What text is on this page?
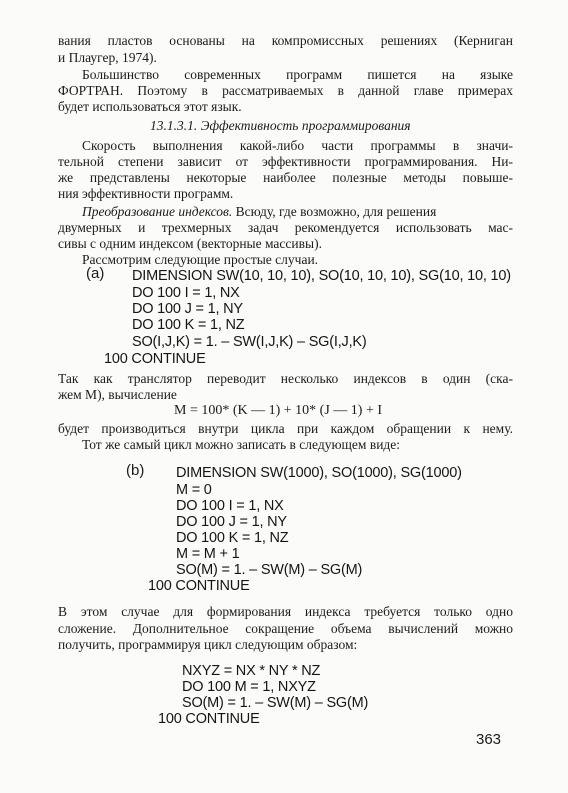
вания пластов основаны на компромиссных решениях (Керниган
и Плаугер, 1974).
Большинство современных программ пишется на языке
ФОРТРАН. Поэтому в рассматриваемых в данной главе примерах
будет использоваться этот язык.
13.1.3.1. Эффективность программирования
Скорость выполнения какой-либо части программы в значи-
тельной степени зависит от эффективности программирования. Ни-
же представлены некоторые наиболее полезные методы повыше-
ния эффективности программ.
Преобразование индексов. Всюду, где возможно, для решения
двумерных и трехмерных задач рекомендуется использовать мас-
сивы с одним индексом (векторные массивы).
Рассмотрим следующие простые случаи.
(a) DIMENSION SW(10, 10, 10), SO(10, 10, 10), SG(10, 10, 10)
DO 100 I = 1, NX
DO 100 J = 1, NY
DO 100 K = 1, NZ
SO(I,J,K) = 1. – SW(I,J,K) – SG(I,J,K)
100 CONTINUE
Так как транслятор переводит несколько индексов в один (ска-
жем M), вычисление
M = 100* (K — 1) + 10* (J — 1) + I
будет производиться внутри цикла при каждом обращении к нему.
Тот же самый цикл можно записать в следующем виде:
(b) DIMENSION SW(1000), SO(1000), SG(1000)
M = 0
DO 100 I = 1, NX
DO 100 J = 1, NY
DO 100 K = 1, NZ
M = M + 1
SO(M) = 1. – SW(M) – SG(M)
100 CONTINUE
В этом случае для формирования индекса требуется только одно
сложение. Дополнительное сокращение объема вычислений можно
получить, программируя цикл следующим образом:
NXYZ = NX * NY * NZ
DO 100 M = 1, NXYZ
SO(M) = 1. – SW(M) – SG(M)
100 CONTINUE
363
